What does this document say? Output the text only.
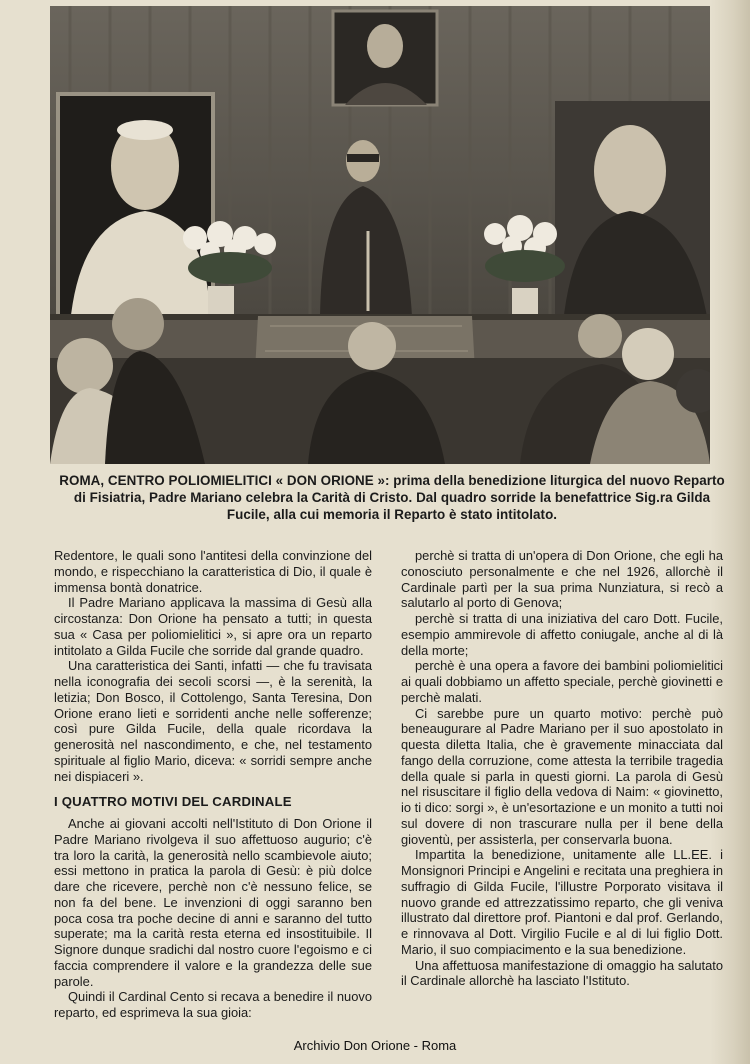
ROMA, CENTRO POLIOMIELITICI « DON ORIONE »: prima della benedizione liturgica del nuovo Reparto di Fisiatria, Padre Mariano celebra la Carità di Cristo. Dal quadro sorride la benefattrice Sig.ra Gilda Fucile, alla cui memoria il Reparto è stato intitolato.

Redentore, le quali sono l'antitesi della convinzione del mondo, e rispecchiano la caratteristica di Dio, il quale è immensa bontà donatrice.

Il Padre Mariano applicava la massima di Gesù alla circostanza: Don Orione ha pensato a tutti; in questa sua « Casa per poliomielitici », si apre ora un reparto intitolato a Gilda Fucile che sorride dal grande quadro.

Una caratteristica dei Santi, infatti — che fu travisata nella iconografia dei secoli scorsi —, è la serenità, la letizia; Don Bosco, il Cottolengo, Santa Teresina, Don Orione erano lieti e sorridenti anche nelle sofferenze; così pure Gilda Fucile, della quale ricordava la generosità nel nascondimento, e che, nel testamento spirituale al figlio Mario, diceva: « sorridi sempre anche nei dispiaceri ».

I QUATTRO MOTIVI DEL CARDINALE

Anche ai giovani accolti nell'Istituto di Don Orione il Padre Mariano rivolgeva il suo affettuoso augurio; c'è tra loro la carità, la generosità nello scambievole aiuto; essi mettono in pratica la parola di Gesù: è più dolce dare che ricevere, perchè non c'è nessuno felice, se non fa del bene. Le invenzioni di oggi saranno ben poca cosa tra poche decine di anni e saranno del tutto superate; ma la carità resta eterna ed insostituibile. Il Signore dunque sradichi dal nostro cuore l'egoismo e ci faccia comprendere il valore e la grandezza delle sue parole.

Quindi il Cardinal Cento si recava a benedire il nuovo reparto, ed esprimeva la sua gioia:

perchè si tratta di un'opera di Don Orione, che egli ha conosciuto personalmente e che nel 1926, allorchè il Cardinale partì per la sua prima Nunziatura, si recò a salutarlo al porto di Genova;

perchè si tratta di una iniziativa del caro Dott. Fucile, esempio ammirevole di affetto coniugale, anche al di là della morte;

perchè è una opera a favore dei bambini poliomielitici ai quali dobbiamo un affetto speciale, perchè giovinetti e perchè malati.

Ci sarebbe pure un quarto motivo: perchè può beneaugurare al Padre Mariano per il suo apostolato in questa diletta Italia, che è gravemente minacciata dal fango della corruzione, come attesta la terribile tragedia della quale si parla in questi giorni. La parola di Gesù nel risuscitare il figlio della vedova di Naim: « giovinetto, io ti dico: sorgi », è un'esortazione e un monito a tutti noi sul dovere di non trascurare nulla per il bene della gioventù, per assisterla, per conservarla buona.

Impartita la benedizione, unitamente alle LL.EE. i Monsignori Principi e Angelini e recitata una preghiera in suffragio di Gilda Fucile, l'illustre Porporato visitava il nuovo grande ed attrezzatissimo reparto, che gli veniva illustrato dal direttore prof. Piantoni e dal prof. Gerlando, e rinnovava al Dott. Virgilio Fucile e al di lui figlio Dott. Mario, il suo compiacimento e la sua benedizione.

Una affettuosa manifestazione di omaggio ha salutato il Cardinale allorchè ha lasciato l'Istituto.

Archivio Don Orione - Roma
